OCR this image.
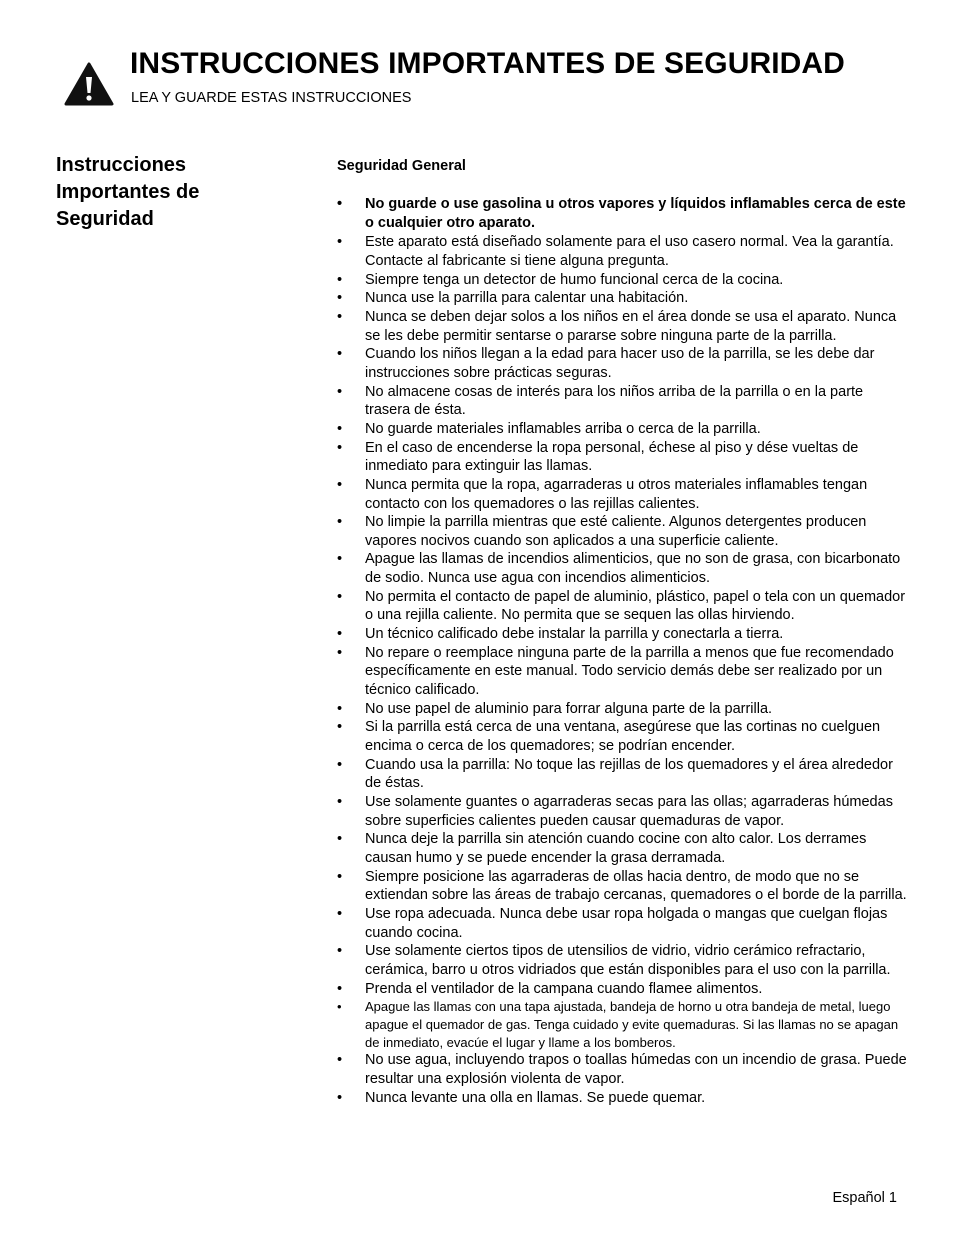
INSTRUCCIONES IMPORTANTES DE SEGURIDAD
LEA Y GUARDE ESTAS INSTRUCCIONES
Instrucciones Importantes de Seguridad
Seguridad General
• No guarde o use gasolina u otros vapores y líquidos inflamables cerca de este o cualquier otro aparato.
• Este aparato está diseñado solamente para el uso casero normal. Vea la garantía. Contacte al fabricante si tiene alguna pregunta.
• Siempre tenga un detector de humo funcional cerca de la cocina.
• Nunca use la parrilla para calentar una habitación.
• Nunca se deben dejar solos a los niños en el área donde se usa el aparato. Nunca se les debe permitir sentarse o pararse sobre ninguna parte de la parrilla.
• Cuando los niños llegan a la edad para hacer uso de la parrilla, se les debe dar instrucciones sobre prácticas seguras.
• No almacene cosas de interés para los niños arriba de la parrilla o en la parte trasera de ésta.
• No guarde materiales inflamables arriba o cerca de la parrilla.
• En el caso de encenderse la ropa personal, échese al piso y dése vueltas de inmediato para extinguir las llamas.
• Nunca permita que la ropa, agarraderas u otros materiales inflamables tengan contacto con los quemadores o las rejillas calientes.
• No limpie la parrilla mientras que esté caliente. Algunos detergentes producen vapores nocivos cuando son aplicados a una superficie caliente.
• Apague las llamas de incendios alimenticios, que no son de grasa, con bicarbonato de sodio. Nunca use agua con incendios alimenticios.
• No permita el contacto de papel de aluminio, plástico, papel o tela con un quemador o una rejilla caliente. No permita que se sequen las ollas hirviendo.
• Un técnico calificado debe instalar la parrilla y conectarla a tierra.
• No repare o reemplace ninguna parte de la parrilla a menos que fue recomendado específicamente en este manual. Todo servicio demás debe ser realizado por un técnico calificado.
• No use papel de aluminio para forrar alguna parte de la parrilla.
• Si la parrilla está cerca de una ventana, asegúrese que las cortinas no cuelguen encima o cerca de los quemadores; se podrían encender.
• Cuando usa la parrilla: No toque las rejillas de los quemadores y el área alrededor de éstas.
• Use solamente guantes o agarraderas secas para las ollas; agarraderas húmedas sobre superficies calientes pueden causar quemaduras de vapor.
• Nunca deje la parrilla sin atención cuando cocine con alto calor. Los derrames causan humo y se puede encender la grasa derramada.
• Siempre posicione las agarraderas de ollas hacia dentro, de modo que no se extiendan sobre las áreas de trabajo cercanas, quemadores o el borde de la parrilla.
• Use ropa adecuada. Nunca debe usar ropa holgada o mangas que cuelgan flojas cuando cocina.
• Use solamente ciertos tipos de utensilios de vidrio, vidrio cerámico refractario, cerámica, barro u otros vidriados que están disponibles para el uso con la parrilla.
• Prenda el ventilador de la campana cuando flamee alimentos.
• Apague las llamas con una tapa ajustada, bandeja de horno u otra bandeja de metal, luego apague el quemador de gas. Tenga cuidado y evite quemaduras. Si las llamas no se apagan de inmediato, evacúe el lugar y llame a los bomberos.
• No use agua, incluyendo trapos o toallas húmedas con un incendio de grasa. Puede resultar una explosión violenta de vapor.
• Nunca levante una olla en llamas. Se puede quemar.
Español 1
